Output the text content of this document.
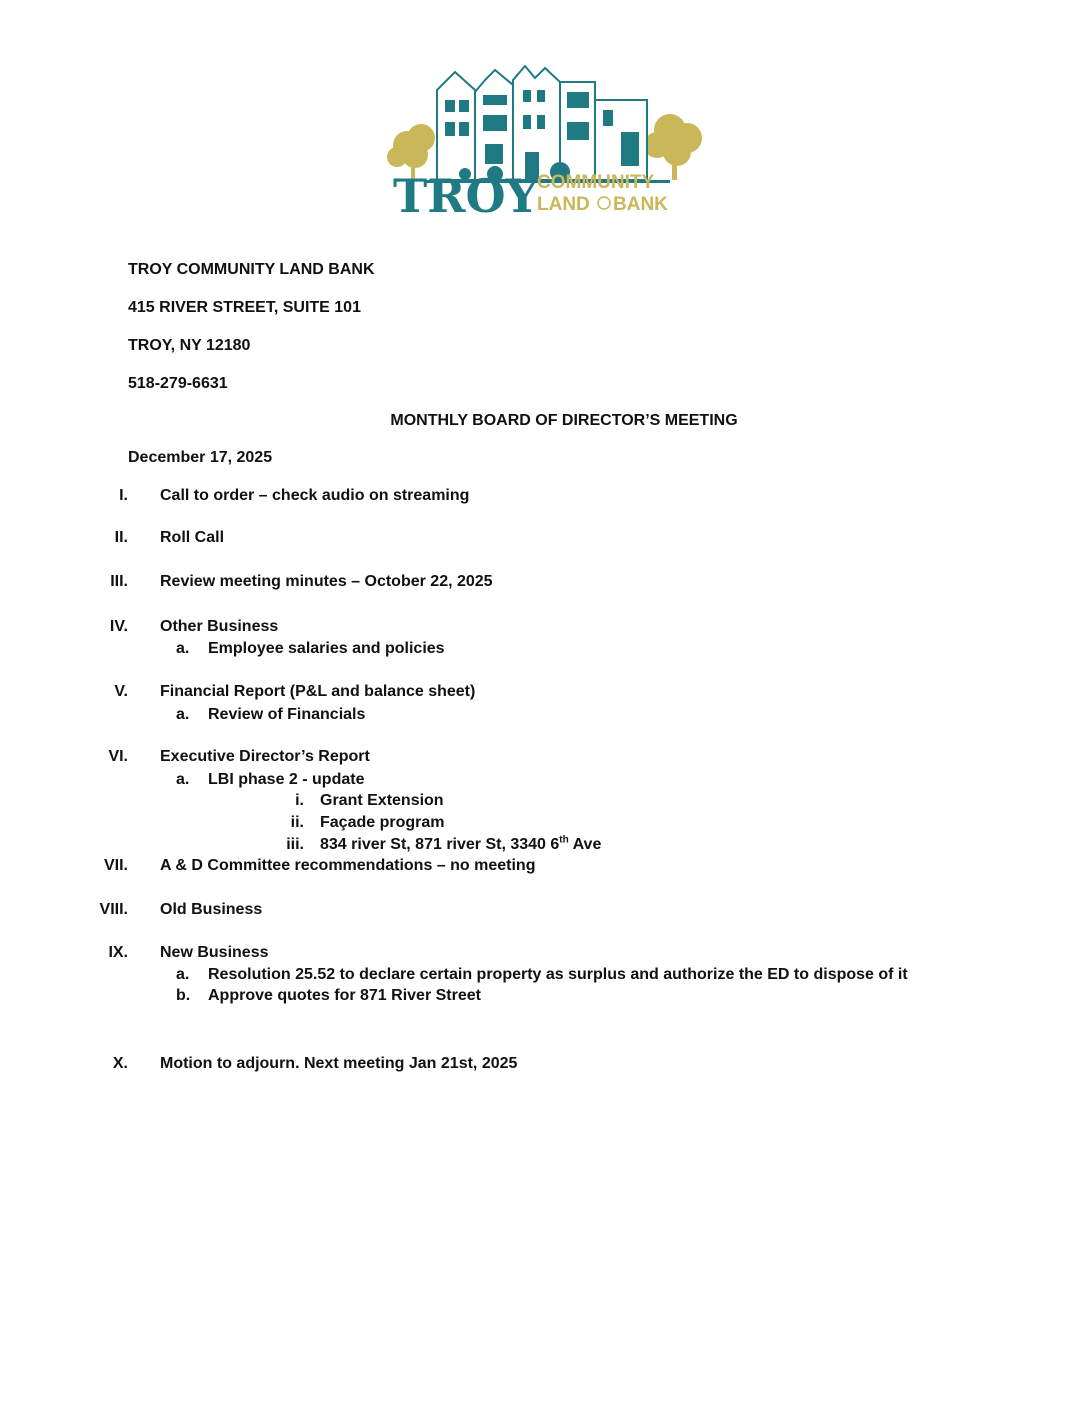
TROY
COMMUNITY
LAND BANK
TROY COMMUNITY LAND BANK
415 RIVER STREET, SUITE 101
TROY, NY 12180
518-279-6631
MONTHLY BOARD OF DIRECTOR’S MEETING
December 17, 2025
I. Call to order – check audio on streaming
II. Roll Call
III. Review meeting minutes – October 22, 2025
IV. Other Business
a. Employee salaries and policies
V. Financial Report (P&L and balance sheet)
a. Review of Financials
VI. Executive Director’s Report
a. LBI phase 2 - update
i. Grant Extension
ii. Façade program
iii. 834 river St, 871 river St, 3340 6th Ave
VII. A & D Committee recommendations – no meeting
VIII. Old Business
IX. New Business
a. Resolution 25.52 to declare certain property as surplus and authorize the ED to dispose of it
b. Approve quotes for 871 River Street
X. Motion to adjourn. Next meeting Jan 21st, 2025
